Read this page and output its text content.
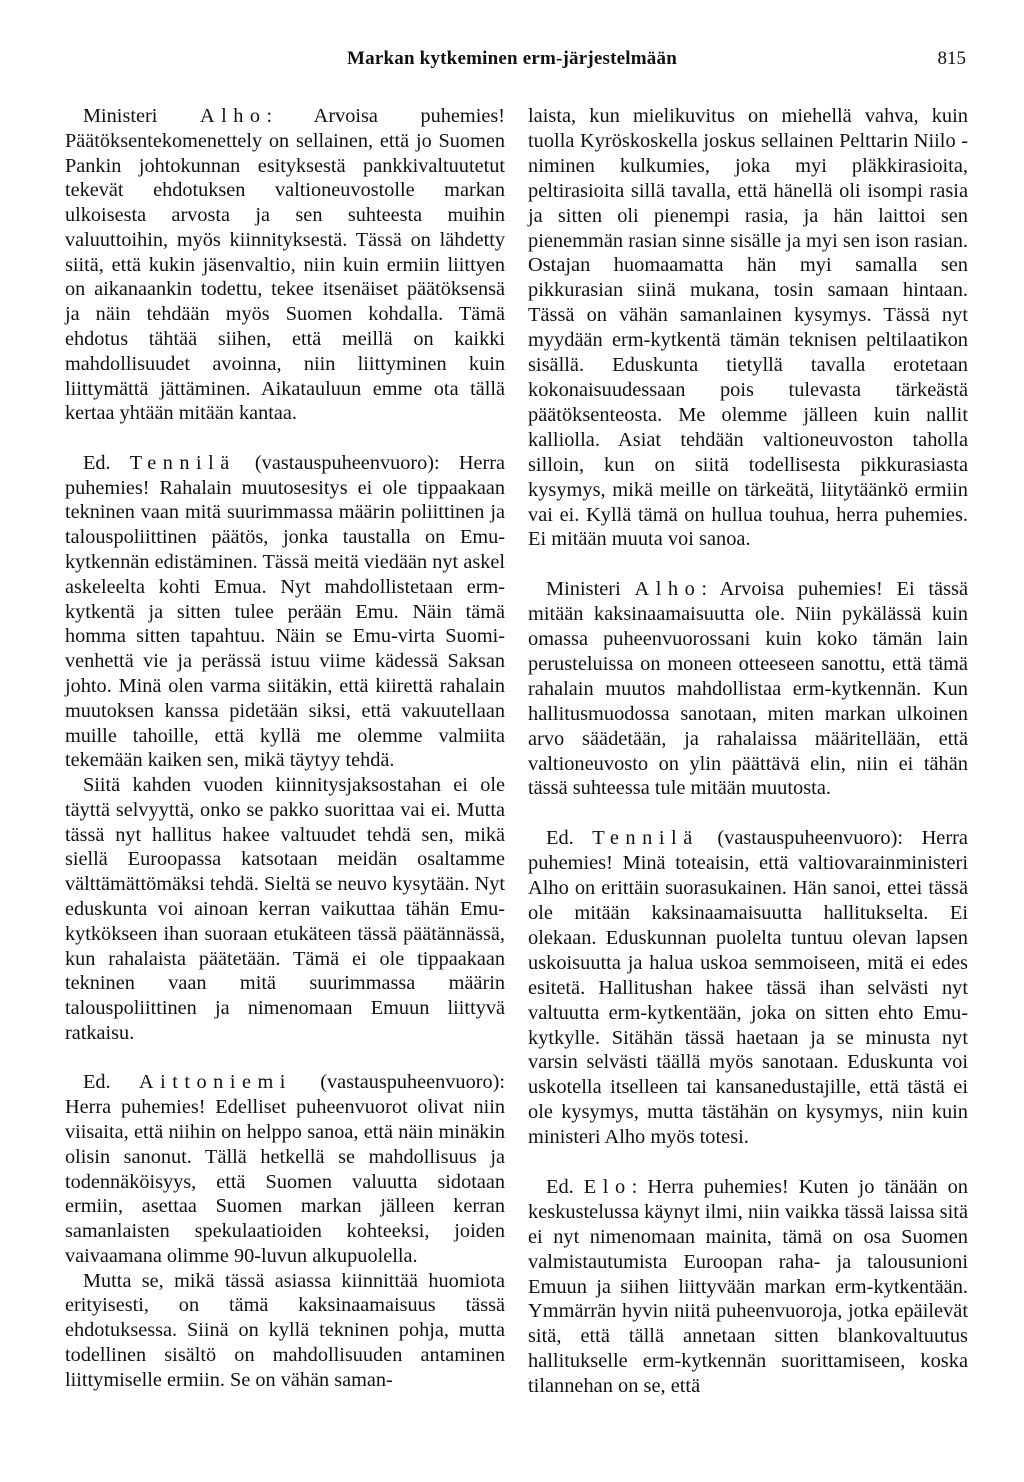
Markan kytkeminen erm-järjestelmään	815

Ministeri Alho: Arvoisa puhemies! Päätöksentekomenettely on sellainen, että jo Suomen Pankin johtokunnan esityksestä pankkivaltuutetut tekevät ehdotuksen valtioneuvostolle markan ulkoisesta arvosta ja sen suhteesta muihin valuuttoihin, myös kiinnityksestä. Tässä on lähdetty siitä, että kukin jäsenvaltio, niin kuin ermiin liittyen on aikanaankin todettu, tekee itsenäiset päätöksensä ja näin tehdään myös Suomen kohdalla. Tämä ehdotus tähtää siihen, että meillä on kaikki mahdollisuudet avoinna, niin liittyminen kuin liittymättä jättäminen. Aikatauluun emme ota tällä kertaa yhtään mitään kantaa.

Ed. Tennilä (vastauspuheenvuoro): Herra puhemies! Rahalain muutosesitys ei ole tippaakaan tekninen vaan mitä suurimmassa määrin poliittinen ja talouspoliittinen päätös, jonka taustalla on Emu-kytkennän edistäminen. Tässä meitä viedään nyt askel askeleelta kohti Emua. Nyt mahdollistetaan erm-kytkentä ja sitten tulee perään Emu. Näin tämä homma sitten tapahtuu. Näin se Emu-virta Suomi-venhettä vie ja perässä istuu viime kädessä Saksan johto. Minä olen varma siitäkin, että kiirettä rahalain muutoksen kanssa pidetään siksi, että vakuutellaan muille tahoille, että kyllä me olemme valmiita tekemään kaiken sen, mikä täytyy tehdä.

Siitä kahden vuoden kiinnitysjaksostahan ei ole täyttä selvyyttä, onko se pakko suorittaa vai ei. Mutta tässä nyt hallitus hakee valtuudet tehdä sen, mikä siellä Euroopassa katsotaan meidän osaltamme välttämättömäksi tehdä. Sieltä se neuvo kysytään. Nyt eduskunta voi ainoan kerran vaikuttaa tähän Emu-kytkökseen ihan suoraan etukäteen tässä päätännässä, kun rahalaista päätetään. Tämä ei ole tippaakaan tekninen vaan mitä suurimmassa määrin talouspoliittinen ja nimenomaan Emuun liittyvä ratkaisu.

Ed. Aittoniemi (vastauspuheenvuoro): Herra puhemies! Edelliset puheenvuorot olivat niin viisaita, että niihin on helppo sanoa, että näin minäkin olisin sanonut. Tällä hetkellä se mahdollisuus ja todennäköisyys, että Suomen valuutta sidotaan ermiin, asettaa Suomen markan jälleen kerran samanlaisten spekulaatioiden kohteeksi, joiden vaivaamana olimme 90-luvun alkupuolella.

Mutta se, mikä tässä asiassa kiinnittää huomiota erityisesti, on tämä kaksinaamaisuus tässä ehdotuksessa. Siinä on kyllä tekninen pohja, mutta todellinen sisältö on mahdollisuuden antaminen liittymiselle ermiin. Se on vähän saman-

laista, kun mielikuvitus on miehellä vahva, kuin tuolla Kyröskoskella joskus sellainen Pelttarin Niilo -niminen kulkumies, joka myi pläkkirasioita, peltirasioita sillä tavalla, että hänellä oli isompi rasia ja sitten oli pienempi rasia, ja hän laittoi sen pienemmän rasian sinne sisälle ja myi sen ison rasian. Ostajan huomaamatta hän myi samalla sen pikkurasian siinä mukana, tosin samaan hintaan. Tässä on vähän samanlainen kysymys. Tässä nyt myydään erm-kytkentä tämän teknisen peltilaatikon sisällä. Eduskunta tietyllä tavalla erotetaan kokonaisuudessaan pois tulevasta tärkeästä päätöksenteosta. Me olemme jälleen kuin nallit kalliolla. Asiat tehdään valtioneuvoston taholla silloin, kun on siitä todellisesta pikkurasiasta kysymys, mikä meille on tärkeätä, liitytäänkö ermiin vai ei. Kyllä tämä on hullua touhua, herra puhemies. Ei mitään muuta voi sanoa.

Ministeri Alho: Arvoisa puhemies! Ei tässä mitään kaksinaamaisuutta ole. Niin pykälässä kuin omassa puheenvuorossani kuin koko tämän lain perusteluissa on moneen otteeseen sanottu, että tämä rahalain muutos mahdollistaa erm-kytkennän. Kun hallitusmuodossa sanotaan, miten markan ulkoinen arvo säädetään, ja rahalaissa määritellään, että valtioneuvosto on ylin päättävä elin, niin ei tähän tässä suhteessa tule mitään muutosta.

Ed. Tennilä (vastauspuheenvuoro): Herra puhemies! Minä toteaisin, että valtiovarainministeri Alho on erittäin suorasukainen. Hän sanoi, ettei tässä ole mitään kaksinaamaisuutta hallitukselta. Ei olekaan. Eduskunnan puolelta tuntuu olevan lapsen uskoisuutta ja halua uskoa semmoiseen, mitä ei edes esitetä. Hallitushan hakee tässä ihan selvästi nyt valtuutta erm-kytkentään, joka on sitten ehto Emu-kytkylle. Sitähän tässä haetaan ja se minusta nyt varsin selvästi täällä myös sanotaan. Eduskunta voi uskotella itselleen tai kansanedustajille, että tästä ei ole kysymys, mutta tästähän on kysymys, niin kuin ministeri Alho myös totesi.

Ed. Elo: Herra puhemies! Kuten jo tänään on keskustelussa käynyt ilmi, niin vaikka tässä laissa sitä ei nyt nimenomaan mainita, tämä on osa Suomen valmistautumista Euroopan raha- ja talousunioni Emuun ja siihen liittyvään markan erm-kytkentään. Ymmärrän hyvin niitä puheenvuoroja, jotka epäilevät sitä, että tällä annetaan sitten blankovaltuutus hallitukselle erm-kytkennän suorittamiseen, koska tilannehan on se, että
